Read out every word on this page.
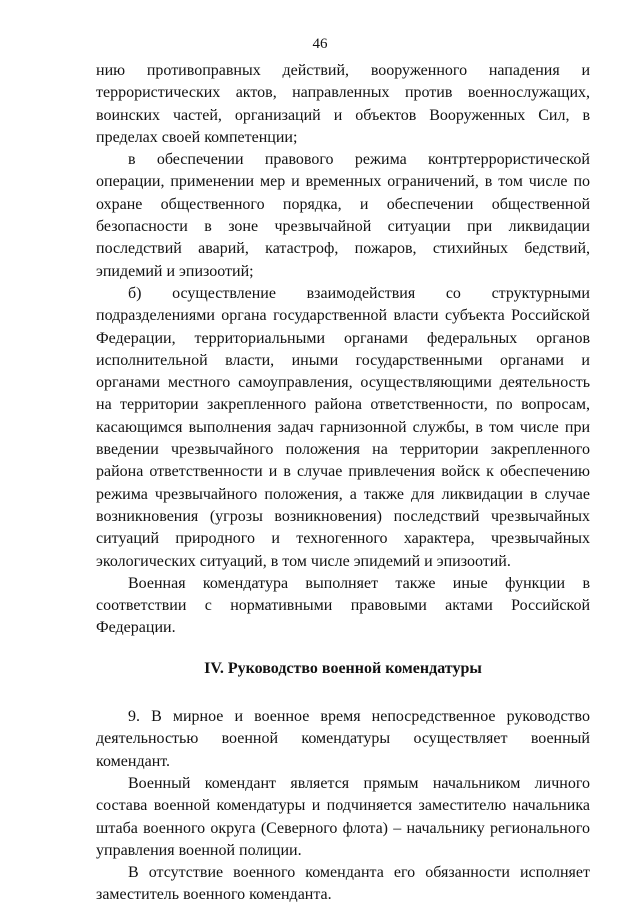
46

нию противоправных действий, вооруженного нападения и террористических актов, направленных против военнослужащих, воинских частей, организаций и объектов Вооруженных Сил, в пределах своей компетенции;

в обеспечении правового режима контртеррористической операции, применении мер и временных ограничений, в том числе по охране общественного порядка, и обеспечении общественной безопасности в зоне чрезвычайной ситуации при ликвидации последствий аварий, катастроф, пожаров, стихийных бедствий, эпидемий и эпизоотий;

б) осуществление взаимодействия со структурными подразделениями органа государственной власти субъекта Российской Федерации, территориальными органами федеральных органов исполнительной власти, иными государственными органами и органами местного самоуправления, осуществляющими деятельность на территории закрепленного района ответственности, по вопросам, касающимся выполнения задач гарнизонной службы, в том числе при введении чрезвычайного положения на территории закрепленного района ответственности и в случае привлечения войск к обеспечению режима чрезвычайного положения, а также для ликвидации в случае возникновения (угрозы возникновения) последствий чрезвычайных ситуаций природного и техногенного характера, чрезвычайных экологических ситуаций, в том числе эпидемий и эпизоотий.

Военная комендатура выполняет также иные функции в соответствии с нормативными правовыми актами Российской Федерации.

IV. Руководство военной комендатуры

9. В мирное и военное время непосредственное руководство деятельностью военной комендатуры осуществляет военный комендант.

Военный комендант является прямым начальником личного состава военной комендатуры и подчиняется заместителю начальника штаба военного округа (Северного флота) – начальнику регионального управления военной полиции.

В отсутствие военного коменданта его обязанности исполняет заместитель военного коменданта.
